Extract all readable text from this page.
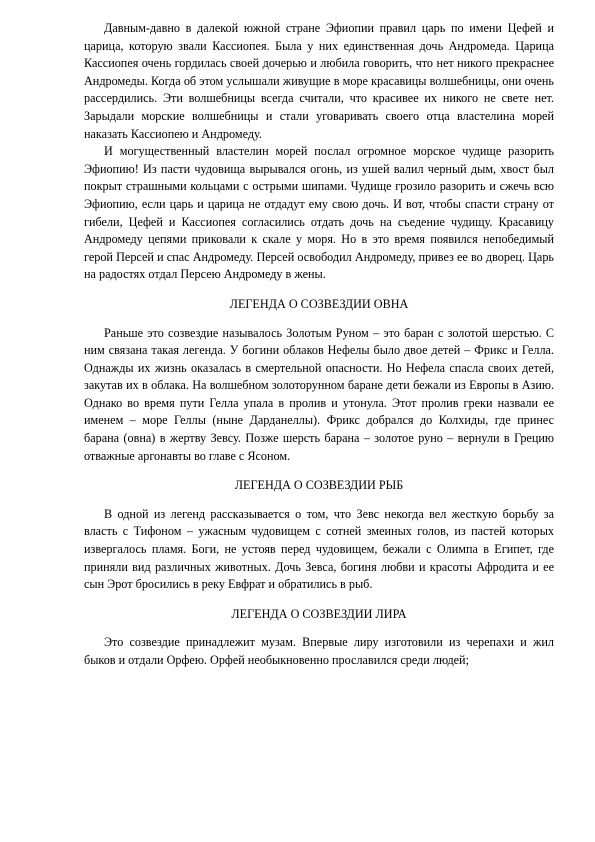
Давным-давно в далекой южной стране Эфиопии правил царь по имени Цефей и царица, которую звали Кассиопея. Была у них единственная дочь Андромеда. Царица Кассиопея очень гордилась своей дочерью и любила говорить, что нет никого прекраснее Андромеды. Когда об этом услышали живущие в море красавицы волшебницы, они очень рассердились. Эти волшебницы всегда считали, что красивее их никого не свете нет. Зарыдали морские волшебницы и стали уговаривать своего отца властелина морей наказать Кассиопею и Андромеду.

И могущественный властелин морей послал огромное морское чудище разорить Эфиопию! Из пасти чудовища вырывался огонь, из ушей валил черный дым, хвост был покрыт страшными кольцами с острыми шипами. Чудище грозило разорить и сжечь всю Эфиопию, если царь и царица не отдадут ему свою дочь. И вот, чтобы спасти страну от гибели, Цефей и Кассиопея согласились отдать дочь на съедение чудищу. Красавицу Андромеду цепями приковали к скале у моря. Но в это время появился непобедимый герой Персей и спас Андромеду. Персей освободил Андромеду, привез ее во дворец. Царь на радостях отдал Персею Андромеду в жены.

ЛЕГЕНДА О СОЗВЕЗДИИ ОВНА

Раньше это созвездие называлось Золотым Руном – это баран с золотой шерстью. С ним связана такая легенда. У богини облаков Нефелы было двое детей – Фрикс и Гелла. Однажды их жизнь оказалась в смертельной опасности. Но Нефела спасла своих детей, закутав их в облака. На волшебном золоторунном баране дети бежали из Европы в Азию. Однако во время пути Гелла упала в пролив и утонула. Этот пролив греки назвали ее именем – море Геллы (ныне Дарданеллы). Фрикс добрался до Колхиды, где принес барана (овна) в жертву Зевсу. Позже шерсть барана – золотое руно – вернули в Грецию отважные аргонавты во главе с Ясоном.

ЛЕГЕНДА О СОЗВЕЗДИИ РЫБ

В одной из легенд рассказывается о том, что Зевс некогда вел жесткую борьбу за власть с Тифоном – ужасным чудовищем с сотней змеиных голов, из пастей которых извергалось пламя. Боги, не устояв перед чудовищем, бежали с Олимпа в Египет, где приняли вид различных животных. Дочь Зевса, богиня любви и красоты Афродита и ее сын Эрот бросились в реку Евфрат и обратились в рыб.

ЛЕГЕНДА О СОЗВЕЗДИИ ЛИРА

Это созвездие принадлежит музам. Впервые лиру изготовили из черепахи и жил быков и отдали Орфею. Орфей необыкновенно прославился среди людей;
